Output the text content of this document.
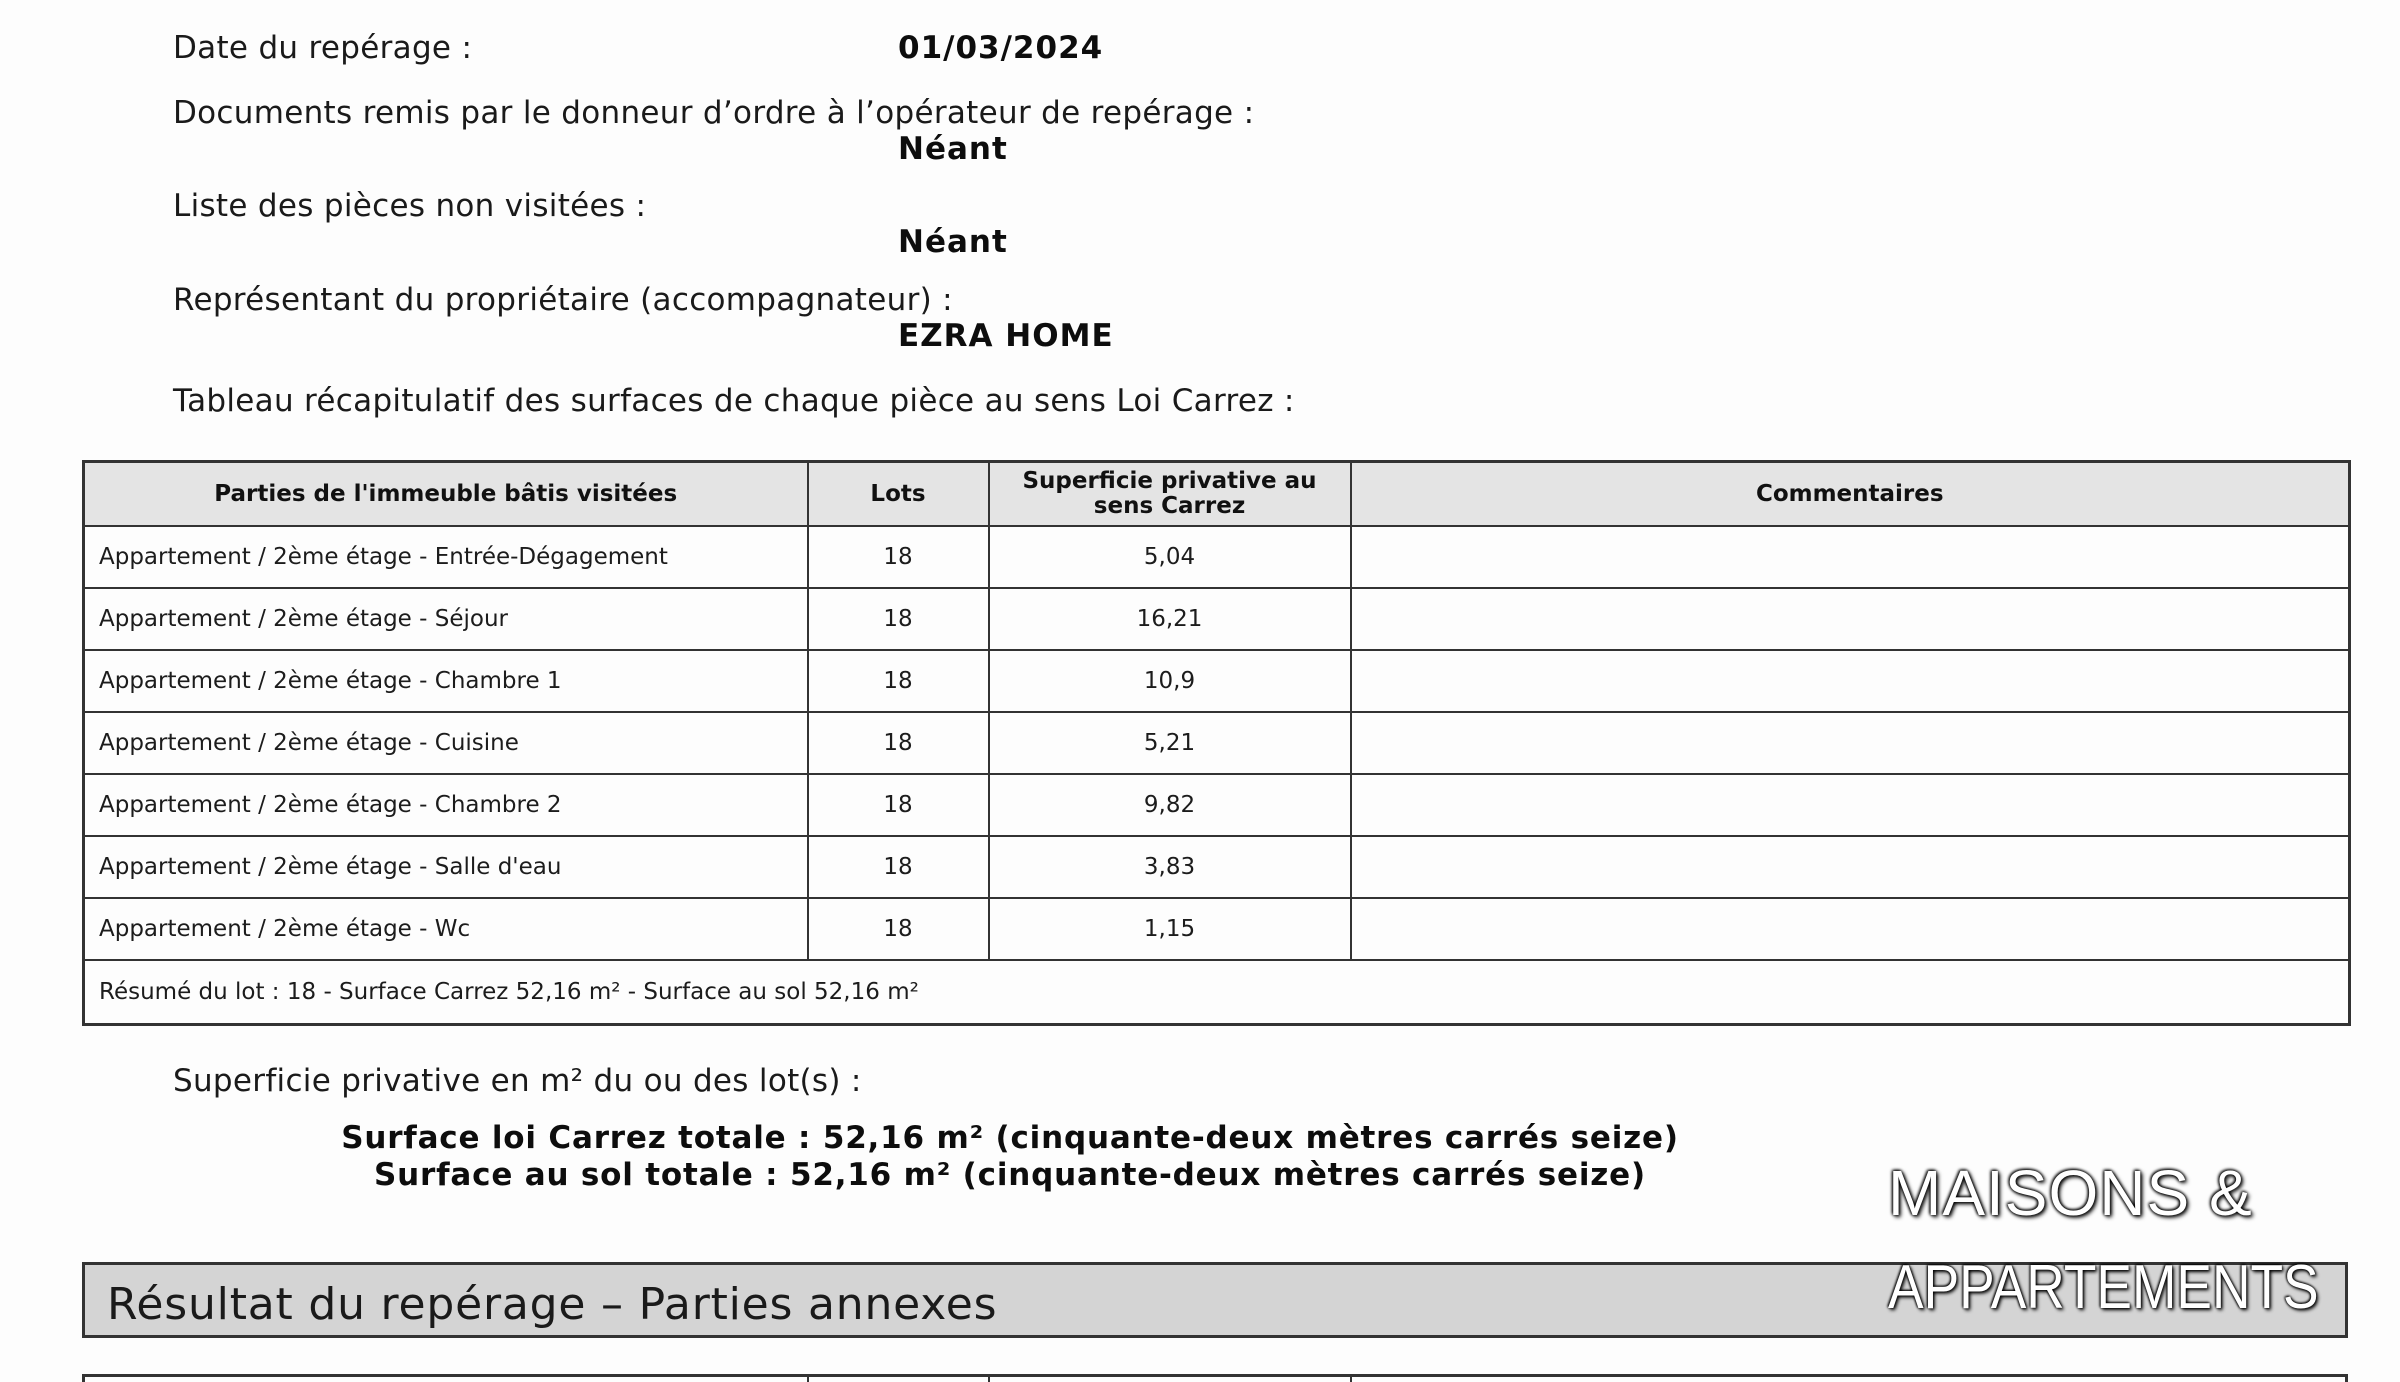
Date du repérage :	01/03/2024
Documents remis par le donneur d’ordre à l’opérateur de repérage :
Néant
Liste des pièces non visitées :
Néant
Représentant du propriétaire (accompagnateur) :
EZRA HOME
Tableau récapitulatif des surfaces de chaque pièce au sens Loi Carrez :
Parties de l'immeuble bâtis visitées	Lots	Superficie privative au sens Carrez	Commentaires
Appartement / 2ème étage - Entrée-Dégagement	18	5,04	
Appartement / 2ème étage - Séjour	18	16,21	
Appartement / 2ème étage - Chambre 1	18	10,9	
Appartement / 2ème étage - Cuisine	18	5,21	
Appartement / 2ème étage - Chambre 2	18	9,82	
Appartement / 2ème étage - Salle d'eau	18	3,83	
Appartement / 2ème étage - Wc	18	1,15	
Résumé du lot : 18 - Surface Carrez 52,16 m² - Surface au sol 52,16 m²			
Superficie privative en m² du ou des lot(s) :
Surface loi Carrez totale : 52,16 m² (cinquante-deux mètres carrés seize)
Surface au sol totale : 52,16 m² (cinquante-deux mètres carrés seize)
Résultat du repérage – Parties annexes
MAISONS &
APPARTEMENTS
